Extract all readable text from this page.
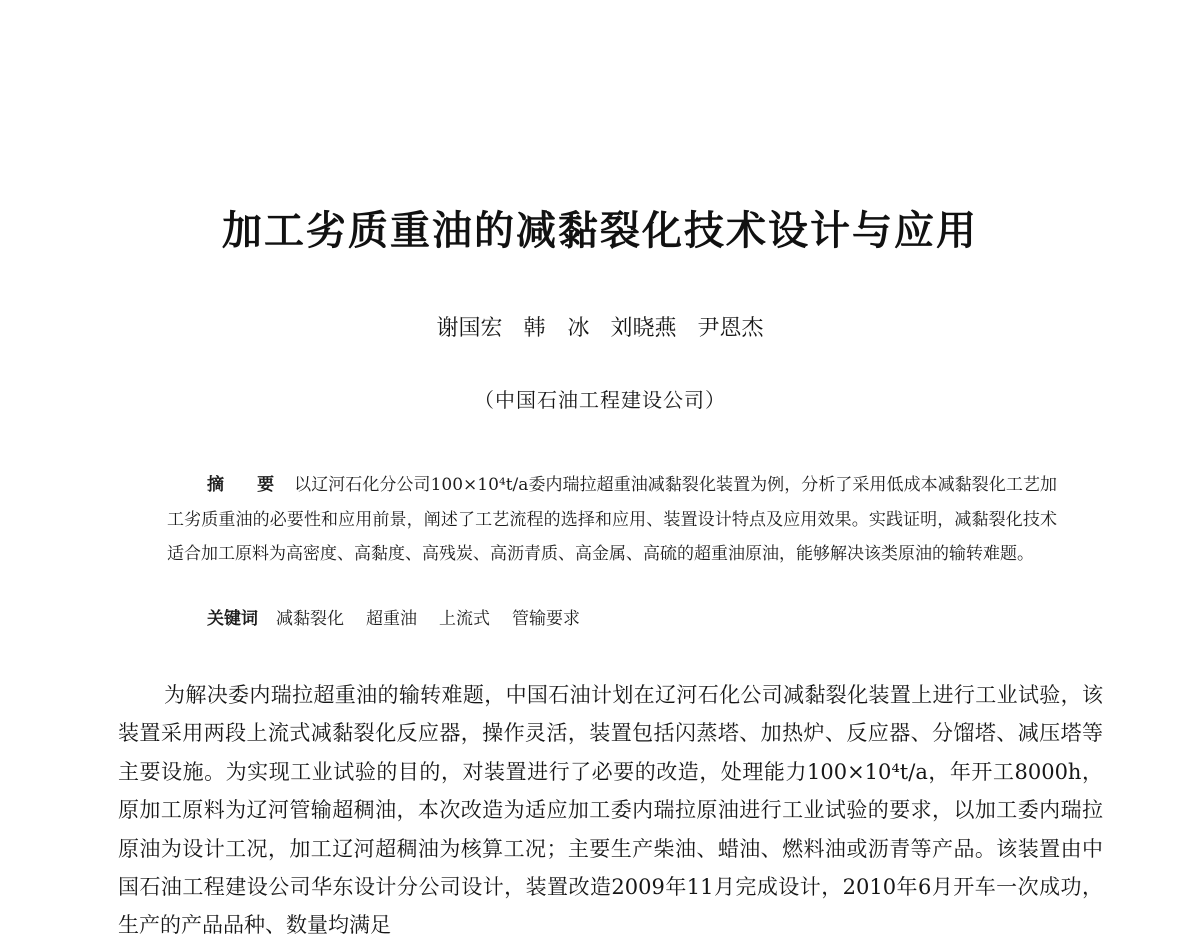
加工劣质重油的减黏裂化技术设计与应用
谢国宏 韩　冰 刘晓燕 尹恩杰
（中国石油工程建设公司）

摘　要 以辽河石化分公司100×10⁴t/a委内瑞拉超重油减黏裂化装置为例，分析了采用低成本减黏裂化工艺加工劣质重油的必要性和应用前景，阐述了工艺流程的选择和应用、装置设计特点及应用效果。实践证明，减黏裂化技术适合加工原料为高密度、高黏度、高残炭、高沥青质、高金属、高硫的超重油原油，能够解决该类原油的输转难题。

关键词 减黏裂化 超重油 上流式 管输要求

为解决委内瑞拉超重油的输转难题，中国石油计划在辽河石化公司减黏裂化装置上进行工业试验，该装置采用两段上流式减黏裂化反应器，操作灵活，装置包括闪蒸塔、加热炉、反应器、分馏塔、减压塔等主要设施。为实现工业试验的目的，对装置进行了必要的改造，处理能力100×10⁴t/a，年开工8000h，原加工原料为辽河管输超稠油，本次改造为适应加工委内瑞拉原油进行工业试验的要求，以加工委内瑞拉原油为设计工况，加工辽河超稠油为核算工况；主要生产柴油、蜡油、燃料油或沥青等产品。该装置由中国石油工程建设公司华东设计分公司设计，装置改造2009年11月完成设计，2010年6月开车一次成功，生产的产品品种、数量均满足
